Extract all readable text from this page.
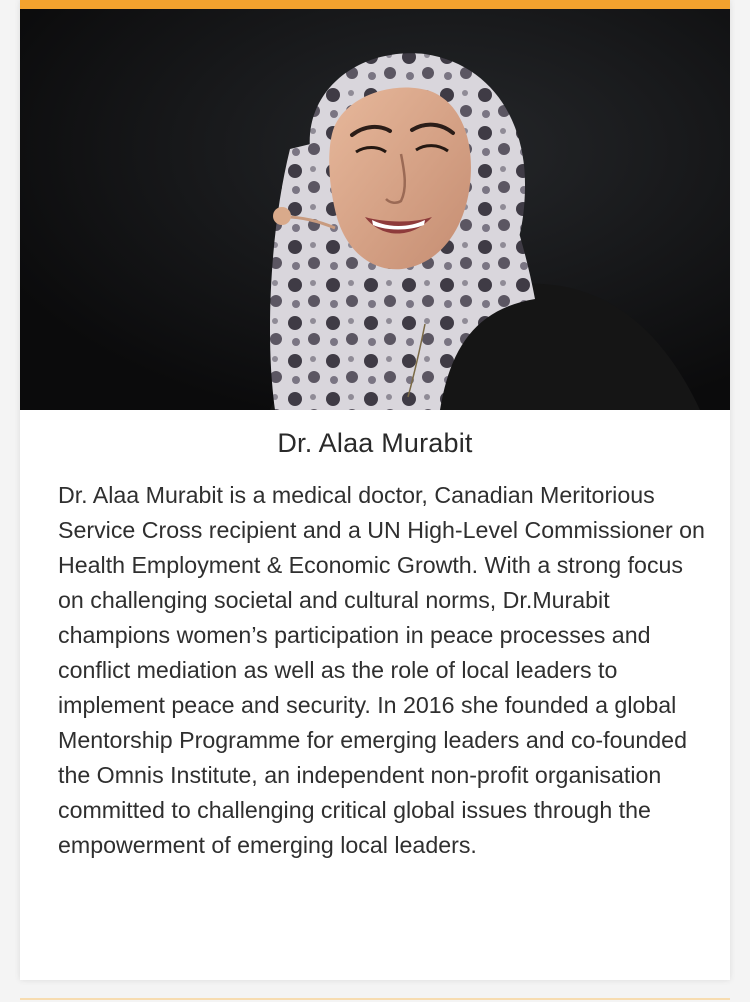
Dr. Alaa Murabit

Dr. Alaa Murabit is a medical doctor, Canadian Meritorious Service Cross recipient and a UN High-Level Commissioner on Health Employment & Economic Growth. With a strong focus on challenging societal and cultural norms, Dr.Murabit champions women’s participation in peace processes and conflict mediation as well as the role of local leaders to implement peace and security. In 2016 she founded a global Mentorship Programme for emerging leaders and co-founded the Omnis Institute, an independent non-profit organisation committed to challenging critical global issues through the empowerment of emerging local leaders.
